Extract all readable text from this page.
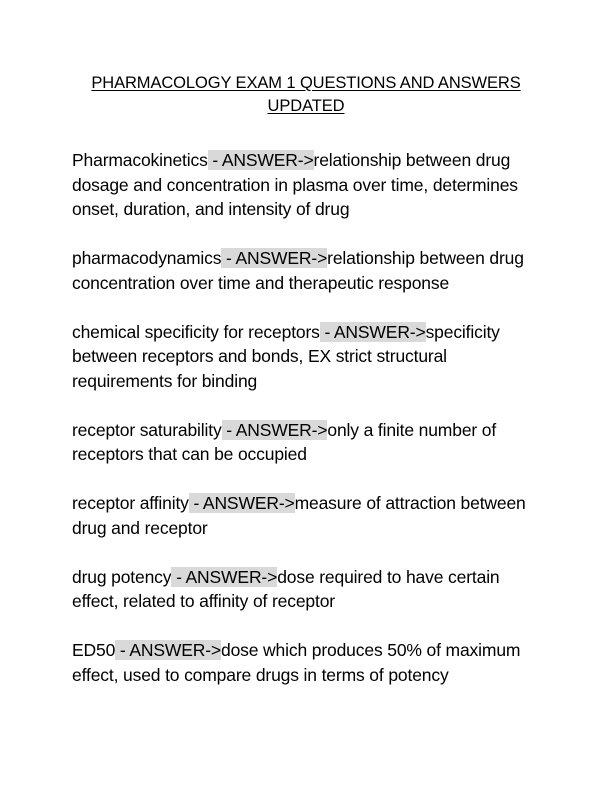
PHARMACOLOGY EXAM 1 QUESTIONS AND ANSWERS UPDATED

Pharmacokinetics - ANSWER->relationship between drug dosage and concentration in plasma over time, determines onset, duration, and intensity of drug

pharmacodynamics - ANSWER->relationship between drug concentration over time and therapeutic response

chemical specificity for receptors - ANSWER->specificity between receptors and bonds, EX strict structural requirements for binding

receptor saturability - ANSWER->only a finite number of receptors that can be occupied

receptor affinity - ANSWER->measure of attraction between drug and receptor

drug potency - ANSWER->dose required to have certain effect, related to affinity of receptor

ED50 - ANSWER->dose which produces 50% of maximum effect, used to compare drugs in terms of potency
